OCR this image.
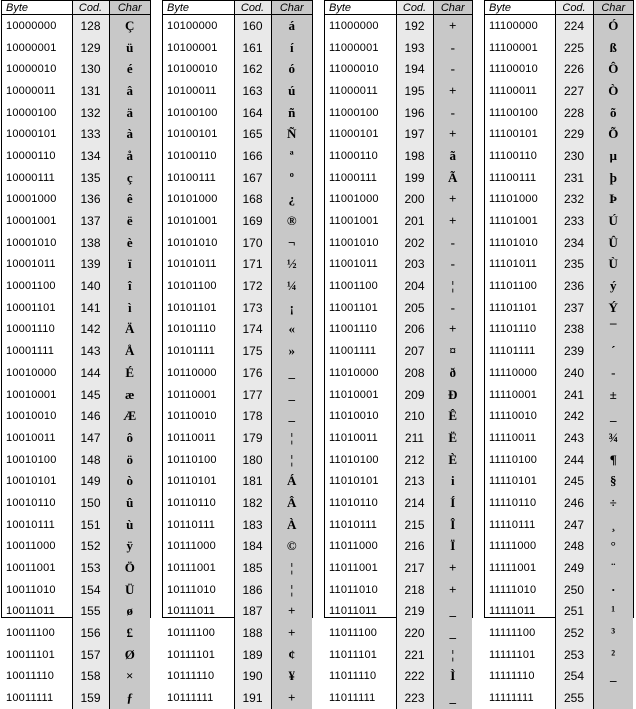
Byte	Cod.	Char
10000000	128	Ç
10000001	129	ü
10000010	130	é
10000011	131	â
10000100	132	ä
10000101	133	à
10000110	134	å
10000111	135	ç
10001000	136	ê
10001001	137	ë
10001010	138	è
10001011	139	ï
10001100	140	î
10001101	141	ì
10001110	142	Ä
10001111	143	Å
10010000	144	É
10010001	145	æ
10010010	146	Æ
10010011	147	ô
10010100	148	ö
10010101	149	ò
10010110	150	û
10010111	151	ù
10011000	152	ÿ
10011001	153	Ö
10011010	154	Ü
10011011	155	ø
10011100	156	£
10011101	157	Ø
10011110	158	×
10011111	159	ƒ
Byte	Cod.	Char
10100000	160	á
10100001	161	í
10100010	162	ó
10100011	163	ú
10100100	164	ñ
10100101	165	Ñ
10100110	166	ª
10100111	167	º
10101000	168	¿
10101001	169	®
10101010	170	¬
10101011	171	½
10101100	172	¼
10101101	173	¡
10101110	174	«
10101111	175	»
10110000	176	_
10110001	177	_
10110010	178	_
10110011	179	¦
10110100	180	¦
10110101	181	Á
10110110	182	Â
10110111	183	À
10111000	184	©
10111001	185	¦
10111010	186	¦
10111011	187	+
10111100	188	+
10111101	189	¢
10111110	190	¥
10111111	191	+
Byte	Cod.	Char
11000000	192	+
11000001	193	-
11000010	194	-
11000011	195	+
11000100	196	-
11000101	197	+
11000110	198	ã
11000111	199	Ã
11001000	200	+
11001001	201	+
11001010	202	-
11001011	203	-
11001100	204	¦
11001101	205	-
11001110	206	+
11001111	207	¤
11010000	208	ð
11010001	209	Ð
11010010	210	Ê
11010011	211	Ë
11010100	212	È
11010101	213	i
11010110	214	Í
11010111	215	Î
11011000	216	Ï
11011001	217	+
11011010	218	+
11011011	219	_
11011100	220	_
11011101	221	¦
11011110	222	Ì
11011111	223	_
Byte	Cod.	Char
11100000	224	Ó
11100001	225	ß
11100010	226	Ô
11100011	227	Ò
11100100	228	õ
11100101	229	Õ
11100110	230	µ
11100111	231	þ
11101000	232	Þ
11101001	233	Ú
11101010	234	Û
11101011	235	Ù
11101100	236	ý
11101101	237	Ý
11101110	238	¯
11101111	239	´
11110000	240	-
11110001	241	±
11110010	242	_
11110011	243	¾
11110100	244	¶
11110101	245	§
11110110	246	÷
11110111	247	¸
11111000	248	°
11111001	249	¨
11111010	250	·
11111011	251	¹
11111100	252	³
11111101	253	²
11111110	254	_
11111111	255	
